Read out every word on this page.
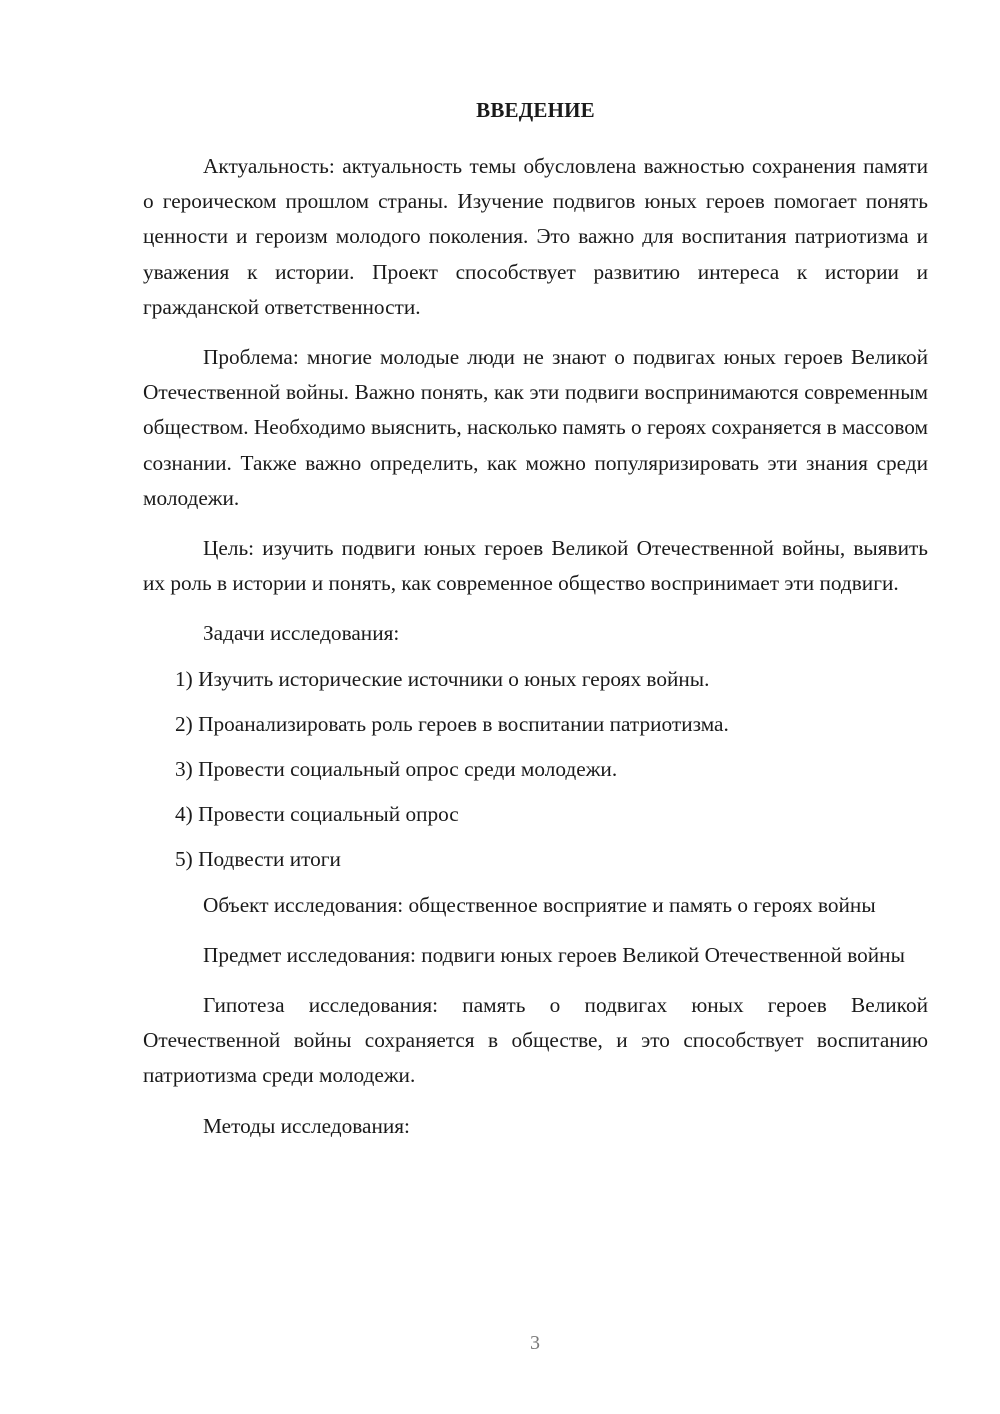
ВВЕДЕНИЕ

Актуальность: актуальность темы обусловлена важностью сохранения памяти о героическом прошлом страны. Изучение подвигов юных героев помогает понять ценности и героизм молодого поколения. Это важно для воспитания патриотизма и уважения к истории. Проект способствует развитию интереса к истории и гражданской ответственности.

Проблема: многие молодые люди не знают о подвигах юных героев Великой Отечественной войны. Важно понять, как эти подвиги воспринимаются современным обществом. Необходимо выяснить, насколько память о героях сохраняется в массовом сознании. Также важно определить, как можно популяризировать эти знания среди молодежи.

Цель: изучить подвиги юных героев Великой Отечественной войны, выявить их роль в истории и понять, как современное общество воспринимает эти подвиги.

Задачи исследования:

1) Изучить исторические источники о юных героях войны.
2) Проанализировать роль героев в воспитании патриотизма.
3) Провести социальный опрос среди молодежи.
4) Провести социальный опрос
5) Подвести итоги

Объект исследования: общественное восприятие и память о героях войны

Предмет исследования: подвиги юных героев Великой Отечественной войны

Гипотеза исследования: память о подвигах юных героев Великой Отечественной войны сохраняется в обществе, и это способствует воспитанию патриотизма среди молодежи.

Методы исследования:

3
